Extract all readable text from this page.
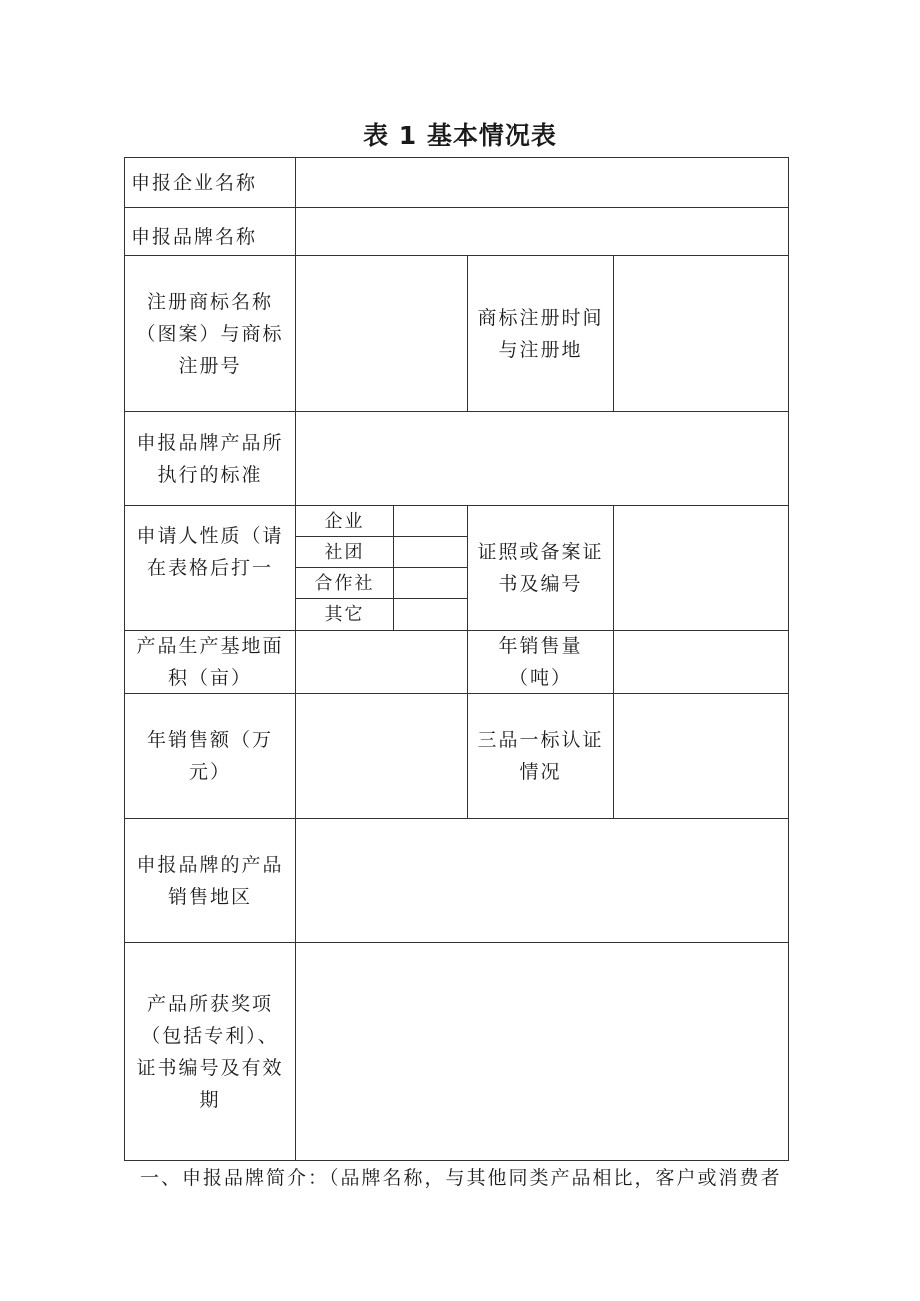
表 1 基本情况表
申报企业名称
申报品牌名称
注册商标名称（图案）与商标注册号
商标注册时间与注册地
申报品牌产品所执行的标准
申请人性质（请在表格后打一
企业
社团
合作社
其它
证照或备案证书及编号
产品生产基地面积（亩）
年销售量（吨）
年销售额（万元）
三品一标认证情况
申报品牌的产品销售地区
产品所获奖项（包括专利）、证书编号及有效期
一、申报品牌简介：（品牌名称，与其他同类产品相比，客户或消费者
